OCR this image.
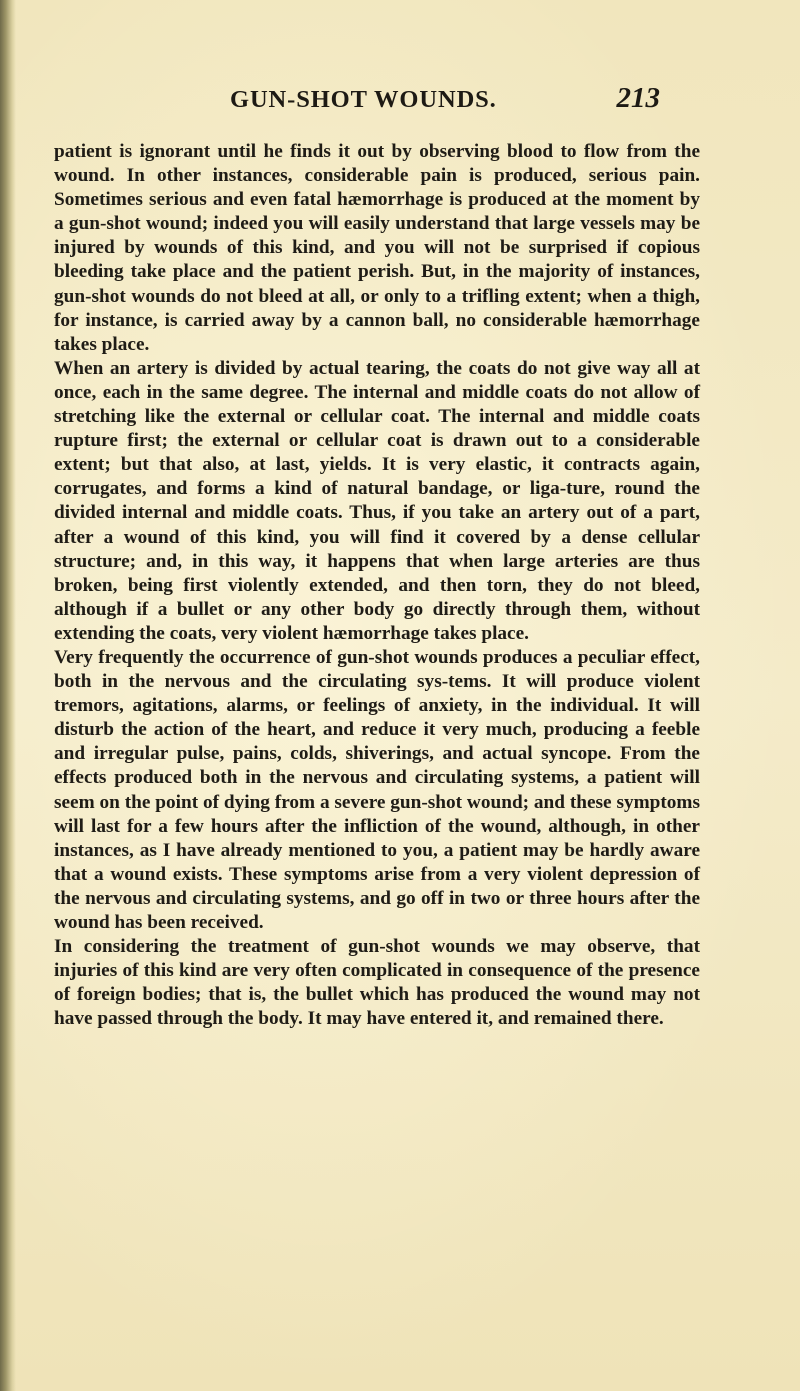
GUN-SHOT WOUNDS.	213

patient is ignorant until he finds it out by observing blood to flow from the wound. In other instances, considerable pain is produced, serious pain. Sometimes serious and even fatal hæmorrhage is produced at the moment by a gun-shot wound; indeed you will easily understand that large vessels may be injured by wounds of this kind, and you will not be surprised if copious bleeding take place and the patient perish. But, in the majority of instances, gun-shot wounds do not bleed at all, or only to a trifling extent; when a thigh, for instance, is carried away by a cannon ball, no considerable hæmorrhage takes place.

When an artery is divided by actual tearing, the coats do not give way all at once, each in the same degree. The internal and middle coats do not allow of stretching like the external or cellular coat. The internal and middle coats rupture first; the external or cellular coat is drawn out to a considerable extent; but that also, at last, yields. It is very elastic, it contracts again, corrugates, and forms a kind of natural bandage, or liga-ture, round the divided internal and middle coats. Thus, if you take an artery out of a part, after a wound of this kind, you will find it covered by a dense cellular structure; and, in this way, it happens that when large arteries are thus broken, being first violently extended, and then torn, they do not bleed, although if a bullet or any other body go directly through them, without extending the coats, very violent hæmorrhage takes place.

Very frequently the occurrence of gun-shot wounds produces a peculiar effect, both in the nervous and the circulating sys-tems. It will produce violent tremors, agitations, alarms, or feelings of anxiety, in the individual. It will disturb the action of the heart, and reduce it very much, producing a feeble and irregular pulse, pains, colds, shiverings, and actual syncope. From the effects produced both in the nervous and circulating systems, a patient will seem on the point of dying from a severe gun-shot wound; and these symptoms will last for a few hours after the infliction of the wound, although, in other instances, as I have already mentioned to you, a patient may be hardly aware that a wound exists. These symptoms arise from a very violent depression of the nervous and circulating systems, and go off in two or three hours after the wound has been received.

In considering the treatment of gun-shot wounds we may observe, that injuries of this kind are very often complicated in consequence of the presence of foreign bodies; that is, the bullet which has produced the wound may not have passed through the body. It may have entered it, and remained there.
